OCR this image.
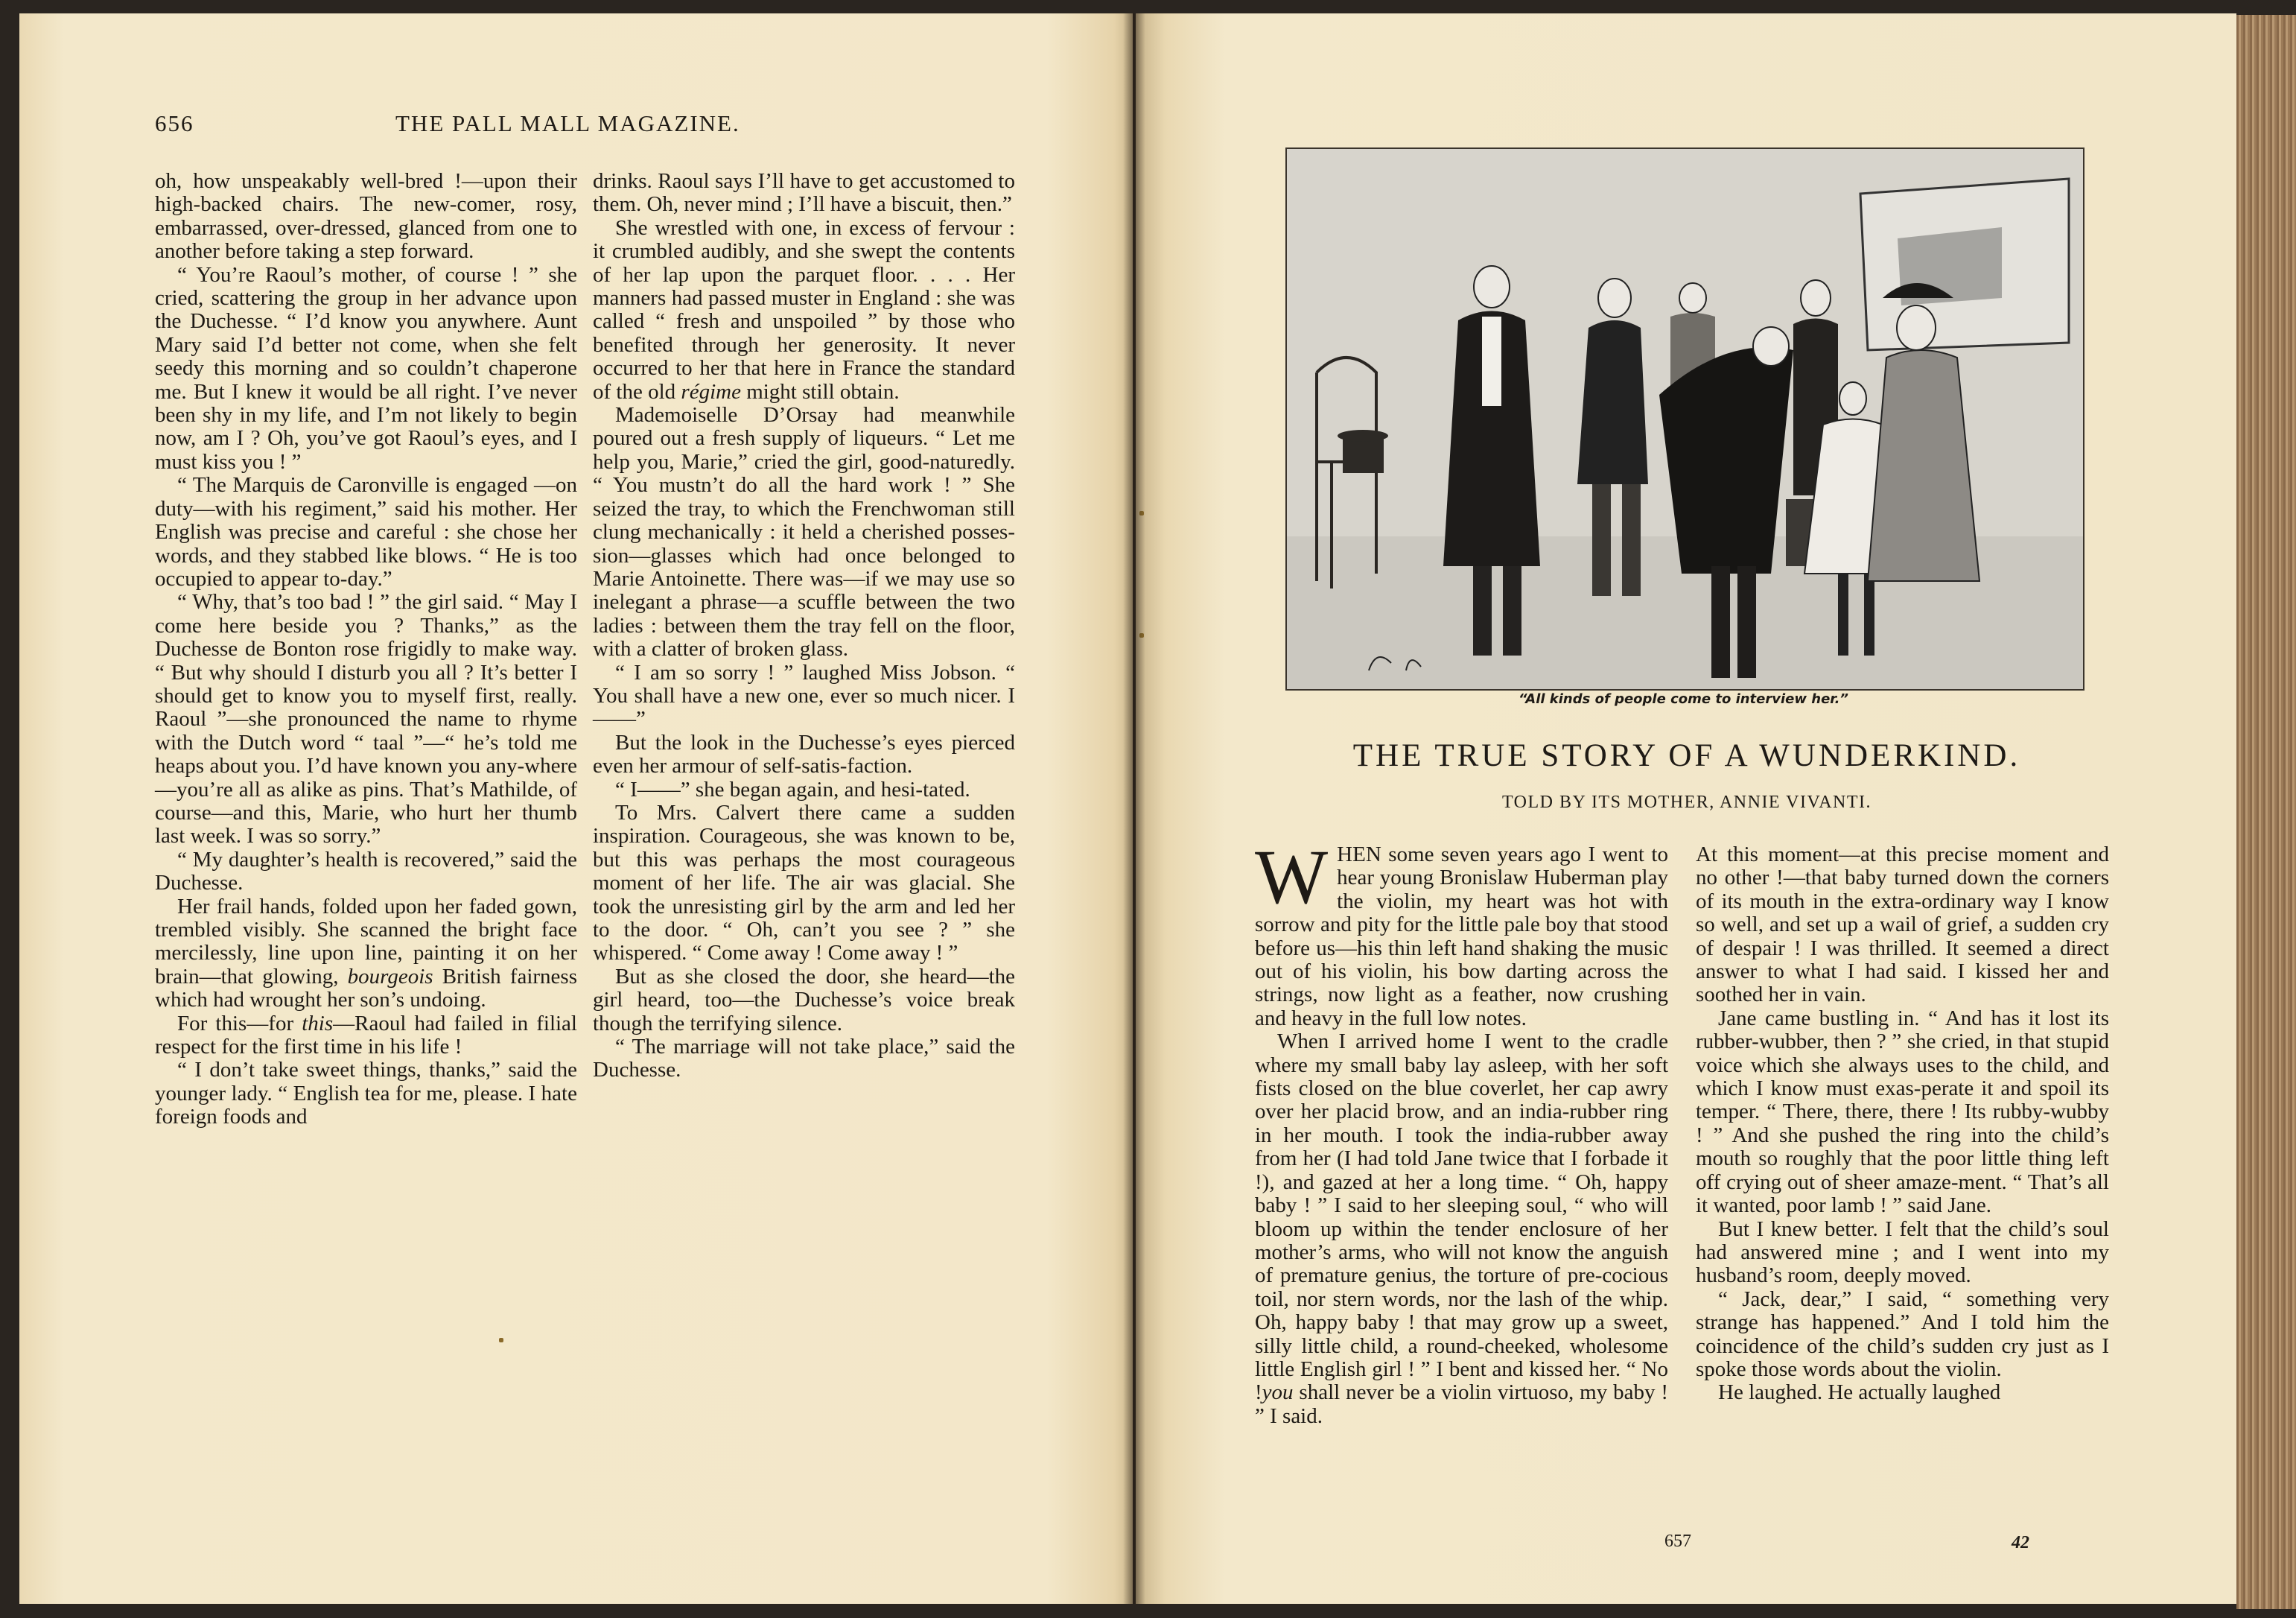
656	THE PALL MALL MAGAZINE.

oh, how unspeakably well-bred !—upon their high-backed chairs. The new-comer, rosy, embarrassed, over-dressed, glanced from one to another before taking a step forward.

“ You’re Raoul’s mother, of course ! ” she cried, scattering the group in her advance upon the Duchesse. “ I’d know you anywhere. Aunt Mary said I’d better not come, when she felt seedy this morning and so couldn’t chaperone me. But I knew it would be all right. I’ve never been shy in my life, and I’m not likely to begin now, am I ? Oh, you’ve got Raoul’s eyes, and I must kiss you ! ”

“ The Marquis de Caronville is engaged —on duty—with his regiment,” said his mother. Her English was precise and careful : she chose her words, and they stabbed like blows. “ He is too occupied to appear to-day.”

“ Why, that’s too bad ! ” the girl said. “ May I come here beside you ? Thanks,” as the Duchesse de Bonton rose frigidly to make way. “ But why should I disturb you all ? It’s better I should get to know you to myself first, really. Raoul ”—she pronounced the name to rhyme with the Dutch word “ taal ”—“ he’s told me heaps about you. I’d have known you any-where—you’re all as alike as pins. That’s Mathilde, of course—and this, Marie, who hurt her thumb last week. I was so sorry.”

“ My daughter’s health is recovered,” said the Duchesse.

Her frail hands, folded upon her faded gown, trembled visibly. She scanned the bright face mercilessly, line upon line, painting it on her brain—that glowing, bourgeois British fairness which had wrought her son’s undoing.

For this—for this—Raoul had failed in filial respect for the first time in his life !

“ I don’t take sweet things, thanks,” said the younger lady. “ English tea for me, please. I hate foreign foods and

drinks. Raoul says I’ll have to get accustomed to them. Oh, never mind ; I’ll have a biscuit, then.”

She wrestled with one, in excess of fervour : it crumbled audibly, and she swept the contents of her lap upon the parquet floor. . . . Her manners had passed muster in England : she was called “ fresh and unspoiled ” by those who benefited through her generosity. It never occurred to her that here in France the standard of the old régime might still obtain.

Mademoiselle D’Orsay had meanwhile poured out a fresh supply of liqueurs. “ Let me help you, Marie,” cried the girl, good-naturedly. “ You mustn’t do all the hard work ! ” She seized the tray, to which the Frenchwoman still clung mechanically : it held a cherished posses-sion—glasses which had once belonged to Marie Antoinette. There was—if we may use so inelegant a phrase—a scuffle between the two ladies : between them the tray fell on the floor, with a clatter of broken glass.

“ I am so sorry ! ” laughed Miss Jobson. “ You shall have a new one, ever so much nicer. I——”

But the look in the Duchesse’s eyes pierced even her armour of self-satis-faction.

“ I——” she began again, and hesi-tated.

To Mrs. Calvert there came a sudden inspiration. Courageous, she was known to be, but this was perhaps the most courageous moment of her life. The air was glacial. She took the unresisting girl by the arm and led her to the door. “ Oh, can’t you see ? ” she whispered. “ Come away ! Come away ! ”

But as she closed the door, she heard—the girl heard, too—the Duchesse’s voice break though the terrifying silence.

“ The marriage will not take place,” said the Duchesse.

“All kinds of people come to interview her.”
THE TRUE STORY OF A WUNDERKIND.
TOLD BY ITS MOTHER, ANNIE VIVANTI.

WHEN some seven years ago I went to hear young Bronislaw Huberman play the violin, my heart was hot with sorrow and pity for the little pale boy that stood before us—his thin left hand shaking the music out of his violin, his bow darting across the strings, now light as a feather, now crushing and heavy in the full low notes.

When I arrived home I went to the cradle where my small baby lay asleep, with her soft fists closed on the blue coverlet, her cap awry over her placid brow, and an india-rubber ring in her mouth. I took the india-rubber away from her (I had told Jane twice that I forbade it !), and gazed at her a long time. “ Oh, happy baby ! ” I said to her sleeping soul, “ who will bloom up within the tender enclosure of her mother’s arms, who will not know the anguish of premature genius, the torture of pre-cocious toil, nor stern words, nor the lash of the whip. Oh, happy baby ! that may grow up a sweet, silly little child, a round-cheeked, wholesome little English girl ! ” I bent and kissed her. “ No !you shall never be a violin virtuoso, my baby ! ” I said.

At this moment—at this precise moment and no other !—that baby turned down the corners of its mouth in the extra-ordinary way I know so well, and set up a wail of grief, a sudden cry of despair ! I was thrilled. It seemed a direct answer to what I had said. I kissed her and soothed her in vain.

Jane came bustling in. “ And has it lost its rubber-wubber, then ? ” she cried, in that stupid voice which she always uses to the child, and which I know must exas-perate it and spoil its temper. “ There, there, there ! Its rubby-wubby ! ” And she pushed the ring into the child’s mouth so roughly that the poor little thing left off crying out of sheer amaze-ment. “ That’s all it wanted, poor lamb ! ” said Jane.

But I knew better. I felt that the child’s soul had answered mine ; and I went into my husband’s room, deeply moved.

“ Jack, dear,” I said, “ something very strange has happened.” And I told him the coincidence of the child’s sudden cry just as I spoke those words about the violin.

He laughed. He actually laughed

657	42
